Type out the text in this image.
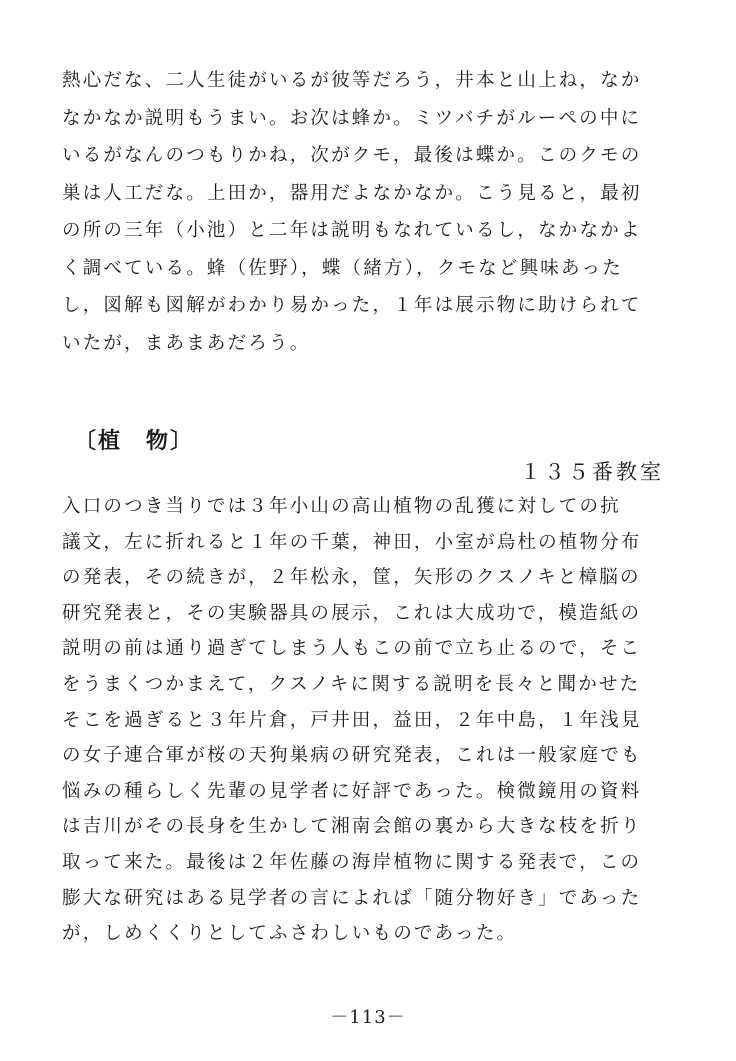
熱心だな、二人生徒がいるが彼等だろう，井本と山上ね，なか
なかなか説明もうまい。お次は蜂か。ミツバチがルーペの中に
いるがなんのつもりかね，次がクモ，最後は蝶か。このクモの
巣は人工だな。上田か，器用だよなかなか。こう見ると，最初
の所の三年（小池）と二年は説明もなれているし，なかなかよ
く調べている。蜂（佐野），蝶（緒方），クモなど興味あった
し，図解も図解がわかり易かった，１年は展示物に助けられて
いたが，まあまあだろう。
〔植　物〕
１３５番教室
入口のつき当りでは３年小山の高山植物の乱獲に対しての抗
議文，左に折れると１年の千葉，神田，小室が烏杜の植物分布
の発表，その続きが，２年松永，筐，矢形のクスノキと樟脳の
研究発表と，その実験器具の展示，これは大成功で，模造紙の
説明の前は通り過ぎてしまう人もこの前で立ち止るので，そこ
をうまくつかまえて，クスノキに関する説明を長々と聞かせた
そこを過ぎると３年片倉，戸井田，益田，２年中島，１年浅見
の女子連合軍が桜の天狗巣病の研究発表，これは一般家庭でも
悩みの種らしく先輩の見学者に好評であった。検微鏡用の資料
は吉川がその長身を生かして湘南会館の裏から大きな枝を折り
取って来た。最後は２年佐藤の海岸植物に関する発表で，この
膨大な研究はある見学者の言によれば「随分物好き」であった
が，しめくくりとしてふさわしいものであった。
－113－
